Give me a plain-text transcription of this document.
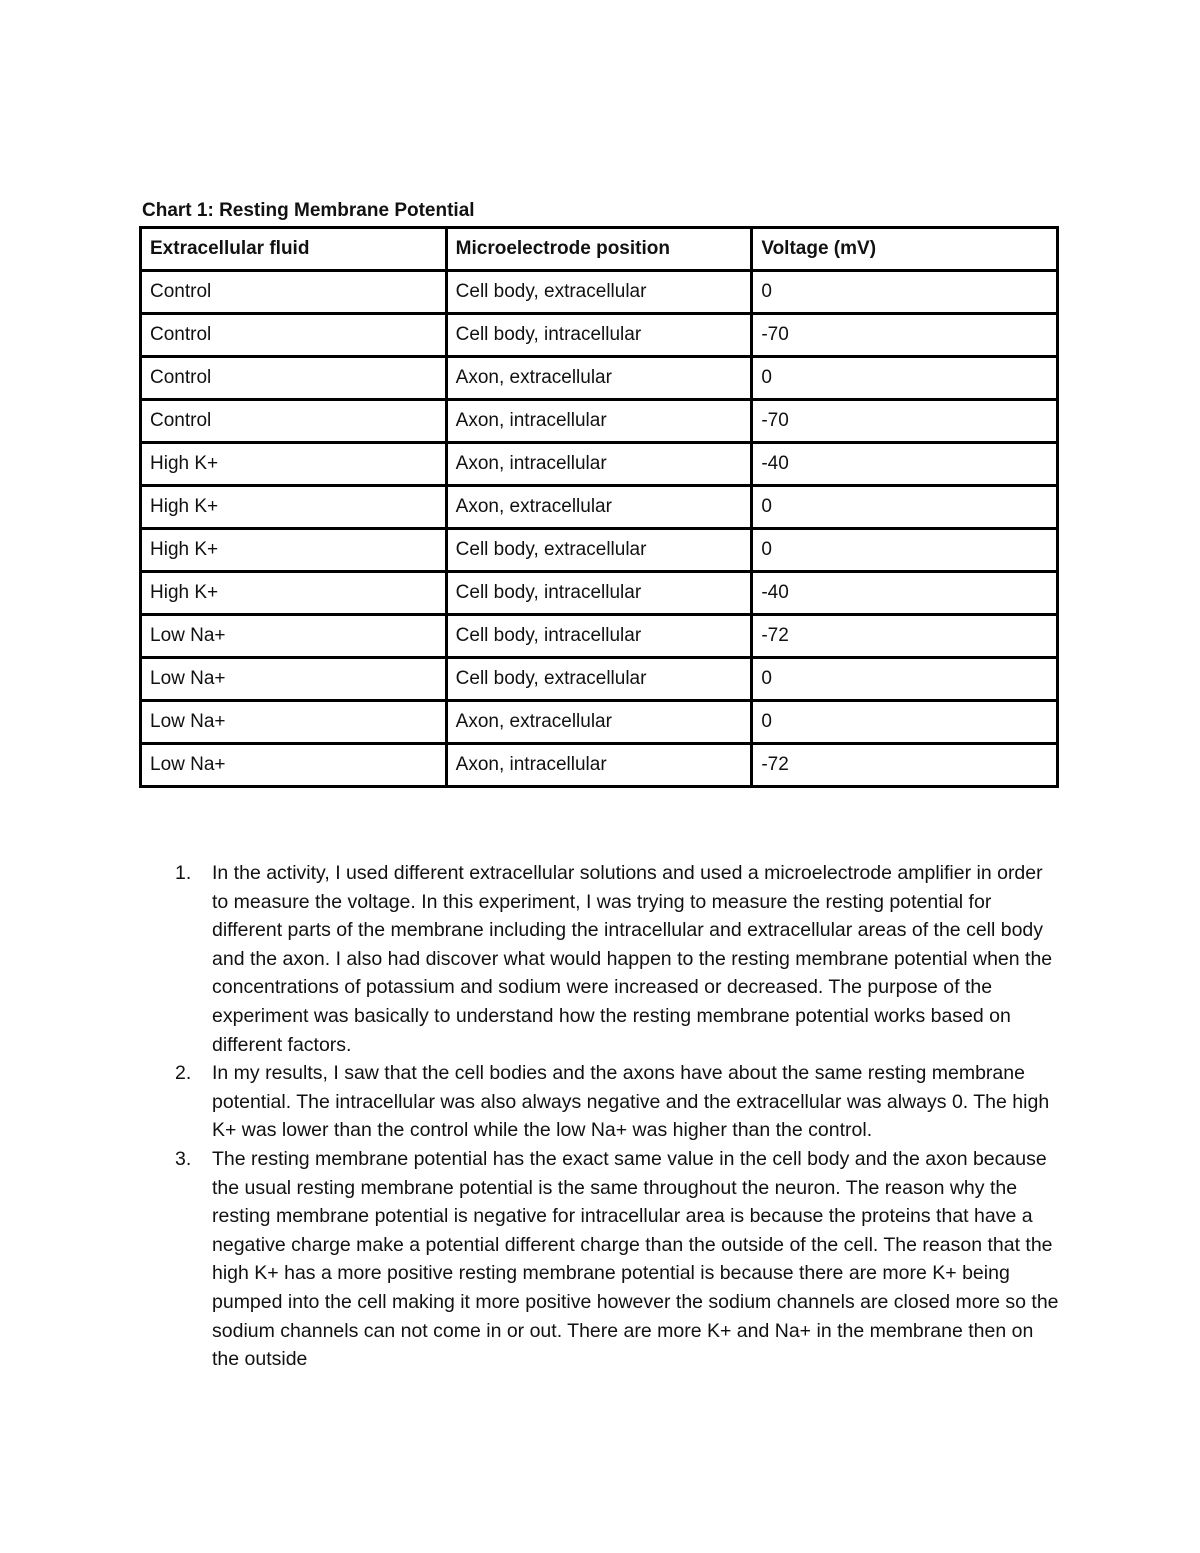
Chart 1: Resting Membrane Potential
Extracellular fluid	Microelectrode position	Voltage (mV)
Control	Cell body, extracellular	0
Control	Cell body, intracellular	-70
Control	Axon, extracellular	0
Control	Axon, intracellular	-70
High K+	Axon, intracellular	-40
High K+	Axon, extracellular	0
High K+	Cell body, extracellular	0
High K+	Cell body, intracellular	-40
Low Na+	Cell body, intracellular	-72
Low Na+	Cell body, extracellular	0
Low Na+	Axon, extracellular	0
Low Na+	Axon, intracellular	-72
1.	In the activity, I used different extracellular solutions and used a microelectrode amplifier in order to measure the voltage. In this experiment, I was trying to measure the resting potential for different parts of the membrane including the intracellular and extracellular areas of the cell body and the axon. I also had discover what would happen to the resting membrane potential when the concentrations of potassium and sodium were increased or decreased. The purpose of the experiment was basically to understand how the resting membrane potential works based on different factors.
2.	In my results, I saw that the cell bodies and the axons have about the same resting membrane potential. The intracellular was also always negative and the extracellular was always 0. The high K+ was lower than the control while the low Na+ was higher than the control.
3.	The resting membrane potential has the exact same value in the cell body and the axon because the usual resting membrane potential is the same throughout the neuron. The reason why the resting membrane potential is negative for intracellular area is because the proteins that have a negative charge make a potential different charge than the outside of the cell. The reason that the high K+ has a more positive resting membrane potential is because there are more K+ being pumped into the cell making it more positive however the sodium channels are closed more so the sodium channels can not come in or out. There are more K+ and Na+ in the membrane then on the outside
